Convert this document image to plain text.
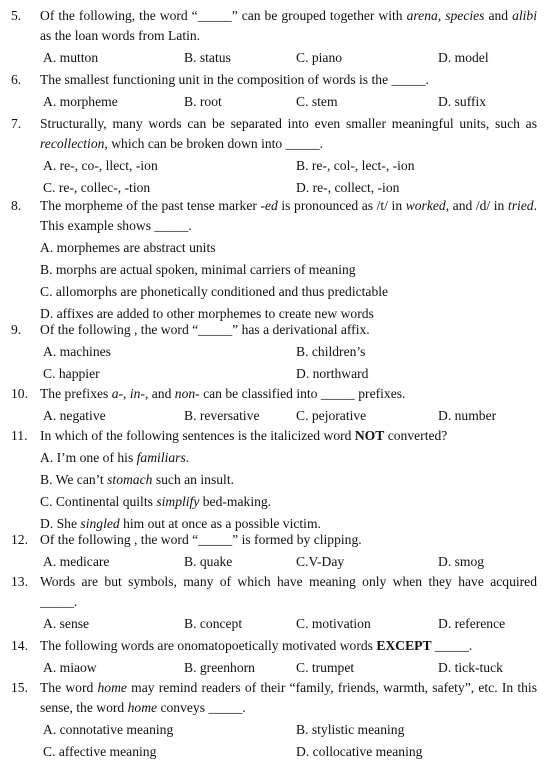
5.	Of the following, the word “_____” can be grouped together with arena, species and alibi as the loan words from Latin.
A. mutton	B. status	C. piano	D. model
6.	The smallest functioning unit in the composition of words is the _____.
A. morpheme	B. root	C. stem	D. suffix
7.	Structurally, many words can be separated into even smaller meaningful units, such as recollection, which can be broken down into _____.
A. re-, co-, llect, -ion	B. re-, col-, lect-, -ion
C. re-, collec-, -tion	D. re-, collect, -ion
8.	The morpheme of the past tense marker -ed is pronounced as /t/ in worked, and /d/ in tried. This example shows _____.
A. morphemes are abstract units
B. morphs are actual spoken, minimal carriers of meaning
C. allomorphs are phonetically conditioned and thus predictable
D. affixes are added to other morphemes to create new words
9.	Of the following , the word “_____” has a derivational affix.
A. machines	B. children’s
C. happier	D. northward
10. The prefixes a-, in-, and non- can be classified into _____ prefixes.
A. negative	B. reversative	C. pejorative	D. number
11. In which of the following sentences is the italicized word NOT converted?
A. I’m one of his familiars.
B. We can’t stomach such an insult.
C. Continental quilts simplify bed-making.
D. She singled him out at once as a possible victim.
12. Of the following , the word “_____” is formed by clipping.
A. medicare	B. quake	C.V-Day	D. smog
13. Words are but symbols, many of which have meaning only when they have acquired _____.
A. sense	B. concept	C. motivation	D. reference
14. The following words are onomatopoetically motivated words EXCEPT _____.
A. miaow	B. greenhorn	C. trumpet	D. tick-tuck
15. The word home may remind readers of their “family, friends, warmth, safety”, etc. In this sense, the word home conveys _____.
A. connotative meaning	B. stylistic meaning
C. affective meaning	D. collocative meaning
